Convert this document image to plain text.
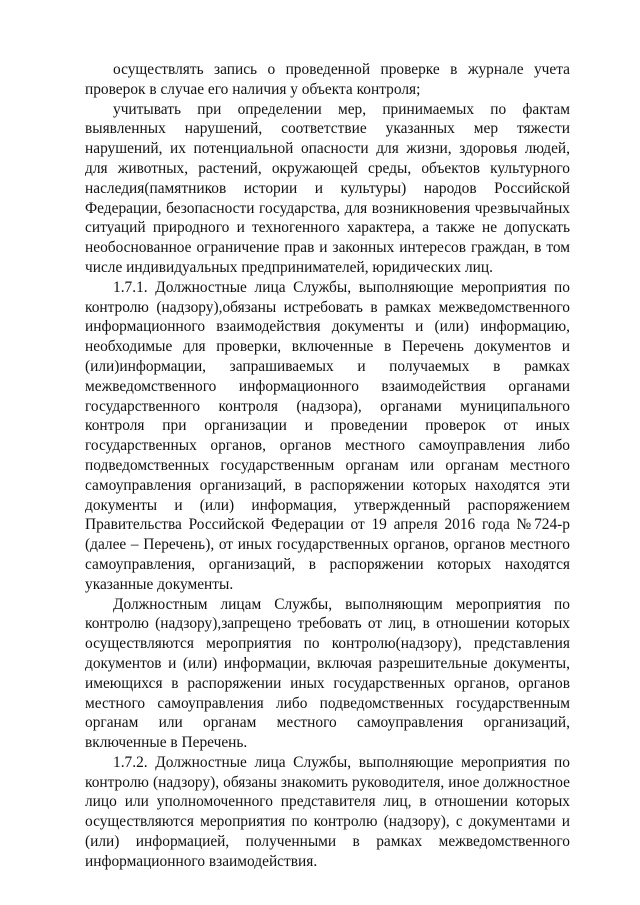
осуществлять запись о проведенной проверке в журнале учета проверок в случае его наличия у объекта контроля;

учитывать при определении мер, принимаемых по фактам выявленных нарушений, соответствие указанных мер тяжести нарушений, их потенциальной опасности для жизни, здоровья людей, для животных, растений, окружающей среды, объектов культурного наследия(памятников истории и культуры) народов Российской Федерации, безопасности государства, для возникновения чрезвычайных ситуаций природного и техногенного характера, а также не допускать необоснованное ограничение прав и законных интересов граждан, в том числе индивидуальных предпринимателей, юридических лиц.

1.7.1. Должностные лица Службы, выполняющие мероприятия по контролю (надзору),обязаны истребовать в рамках межведомственного информационного взаимодействия документы и (или) информацию, необходимые для проверки, включенные в Перечень документов и (или)информации, запрашиваемых и получаемых в рамках межведомственного информационного взаимодействия органами государственного контроля (надзора), органами муниципального контроля при организации и проведении проверок от иных государственных органов, органов местного самоуправления либо подведомственных государственным органам или органам местного самоуправления организаций, в распоряжении которых находятся эти документы и (или) информация, утвержденный распоряжением Правительства Российской Федерации от 19 апреля 2016 года №724-р (далее – Перечень), от иных государственных органов, органов местного самоуправления, организаций, в распоряжении которых находятся указанные документы.

Должностным лицам Службы, выполняющим мероприятия по контролю (надзору),запрещено требовать от лиц, в отношении которых осуществляются мероприятия по контролю(надзору), представления документов и (или) информации, включая разрешительные документы, имеющихся в распоряжении иных государственных органов, органов местного самоуправления либо подведомственных государственным органам или органам местного самоуправления организаций, включенные в Перечень.

1.7.2. Должностные лица Службы, выполняющие мероприятия по контролю (надзору), обязаны знакомить руководителя, иное должностное лицо или уполномоченного представителя лиц, в отношении которых осуществляются мероприятия по контролю (надзору), с документами и (или) информацией, полученными в рамках межведомственного информационного взаимодействия.
